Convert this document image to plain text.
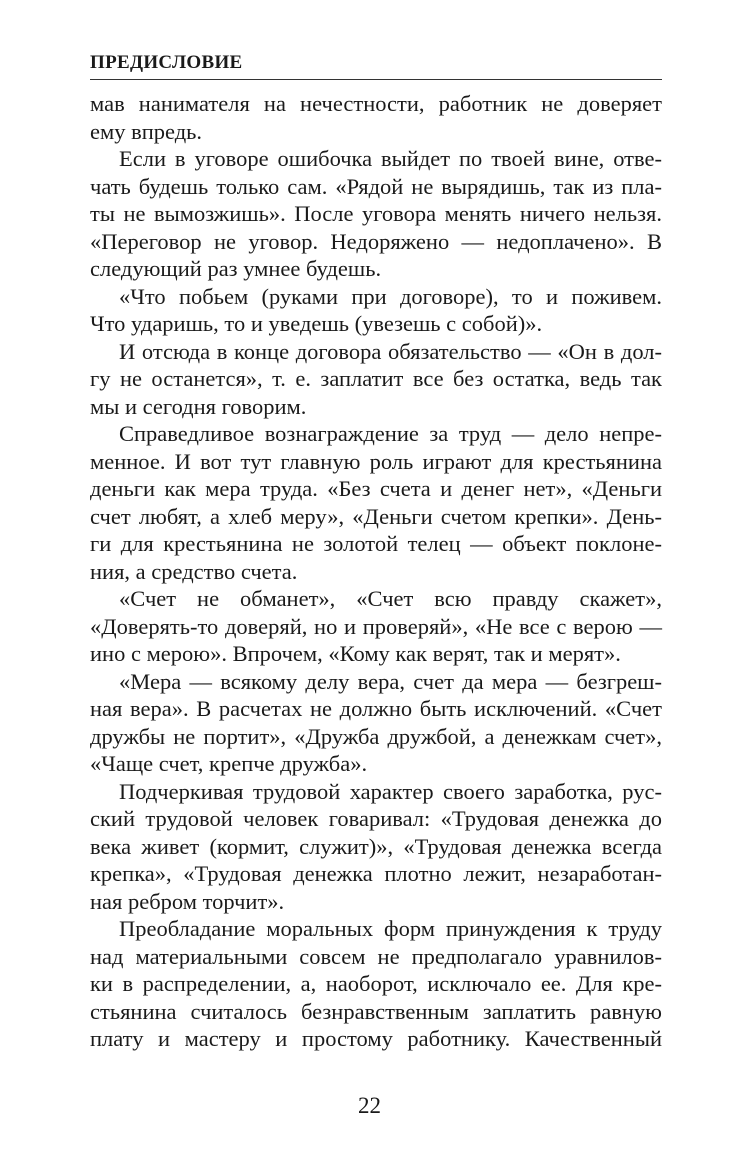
ПРЕДИСЛОВИЕ

мав нанимателя на нечестности, работник не доверяет
ему впредь.

Если в уговоре ошибочка выйдет по твоей вине, отве-
чать будешь только сам. «Рядой не вырядишь, так из пла-
ты не вымозжишь». После уговора менять ничего нельзя.
«Переговор не уговор. Недоряжено — недоплачено». В
следующий раз умнее будешь.

«Что побьем (руками при договоре), то и поживем.
Что ударишь, то и уведешь (увезешь с собой)».

И отсюда в конце договора обязательство — «Он в дол-
гу не останется», т. е. заплатит все без остатка, ведь так
мы и сегодня говорим.

Справедливое вознаграждение за труд — дело непре-
менное. И вот тут главную роль играют для крестьянина
деньги как мера труда. «Без счета и денег нет», «Деньги
счет любят, а хлеб меру», «Деньги счетом крепки». День-
ги для крестьянина не золотой телец — объект поклоне-
ния, а средство счета.

«Счет не обманет», «Счет всю правду скажет»,
«Доверять-то доверяй, но и проверяй», «Не все с верою —
ино с мерою». Впрочем, «Кому как верят, так и мерят».

«Мера — всякому делу вера, счет да мера — безгреш-
ная вера». В расчетах не должно быть исключений. «Счет
дружбы не портит», «Дружба дружбой, а денежкам счет»,
«Чаще счет, крепче дружба».

Подчеркивая трудовой характер своего заработка, рус-
ский трудовой человек говаривал: «Трудовая денежка до
века живет (кормит, служит)», «Трудовая денежка всегда
крепка», «Трудовая денежка плотно лежит, незаработан-
ная ребром торчит».

Преобладание моральных форм принуждения к труду
над материальными совсем не предполагало уравнилов-
ки в распределении, а, наоборот, исключало ее. Для кре-
стьянина считалось безнравственным заплатить равную
плату и мастеру и простому работнику. Качественный

22
